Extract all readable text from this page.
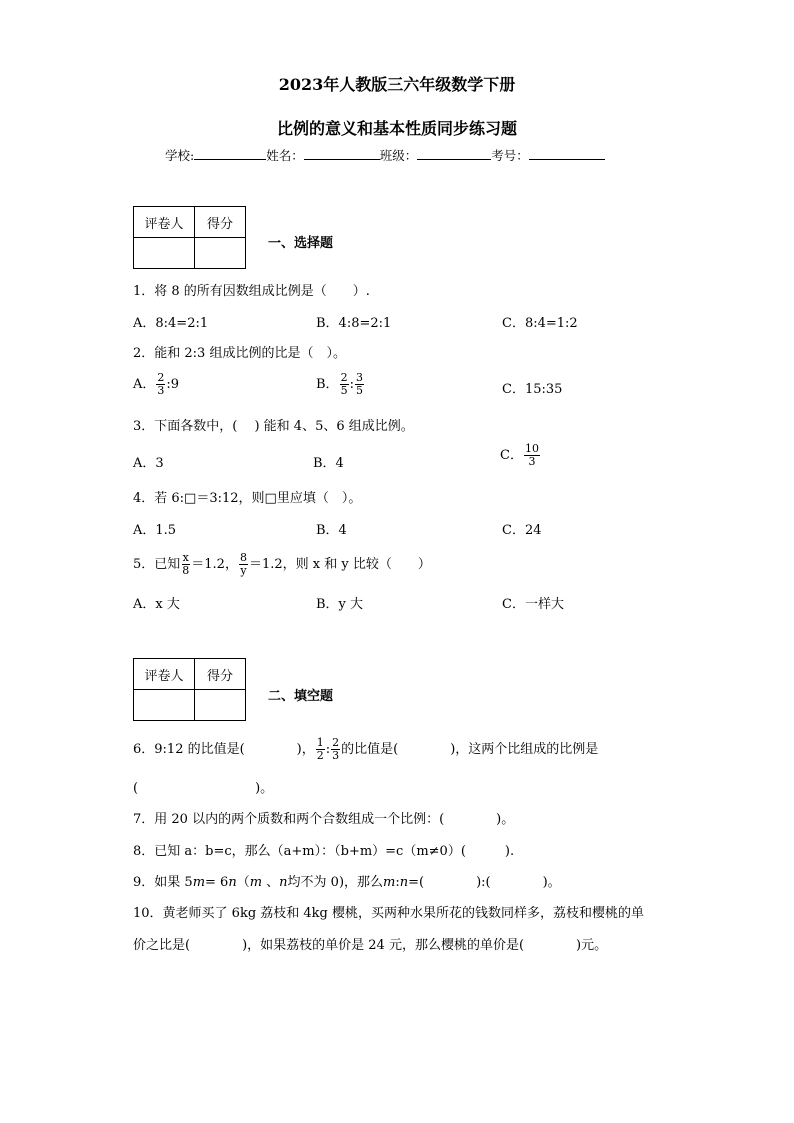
2023年人教版三六年级数学下册
比例的意义和基本性质同步练习题
学校:	姓名：	班级：	考号：
评卷人	得分

一、选择题
1．将 8 的所有因数组成比例是（　　）.
A．8:4=2:1	B．4:8=2:1	C．8:4=1:2
2．能和 2:3 组成比例的比是（　）。
A． $\frac{2}{3}$ :9	B． $\frac{2}{5}$ : $\frac{3}{5}$	C．15:35
3．下面各数中，(　 ) 能和 4、5、6 组成比例。
A．3	B．4
C． $\frac{10}{3}$
4．若 6:□＝3:12，则□里应填（　）。
A．1.5	B．4	C．24
5．已知 $\frac{x}{8} =1.2$， $\frac{8}{y} =1.2$，则 x 和 y 比较（　　）
A．x 大	B．y 大	C．一样大
评卷人	得分

二、填空题
6．9:12 的比值是(　　　　)， $\frac{1}{2}$ : $\frac{2}{3}$ 的比值是(　　　　)，这两个比组成的比例是
(　　　　　　　　　)。
7．用 20 以内的两个质数和两个合数组成一个比例：(　　　　)。
8．已知 a：b=c，那么（a+m）：（b+m）=c（m≠0）(　　　).
9．如果 5m= 6n（m 、n均不为 0)，那么m:n=(　　　　):(　　　　)。
10．黄老师买了 6kg 荔枝和 4kg 樱桃，买两种水果所花的钱数同样多，荔枝和樱桃的单
价之比是(　　　　)，如果荔枝的单价是 24 元，那么樱桃的单价是(　　　　)元。
